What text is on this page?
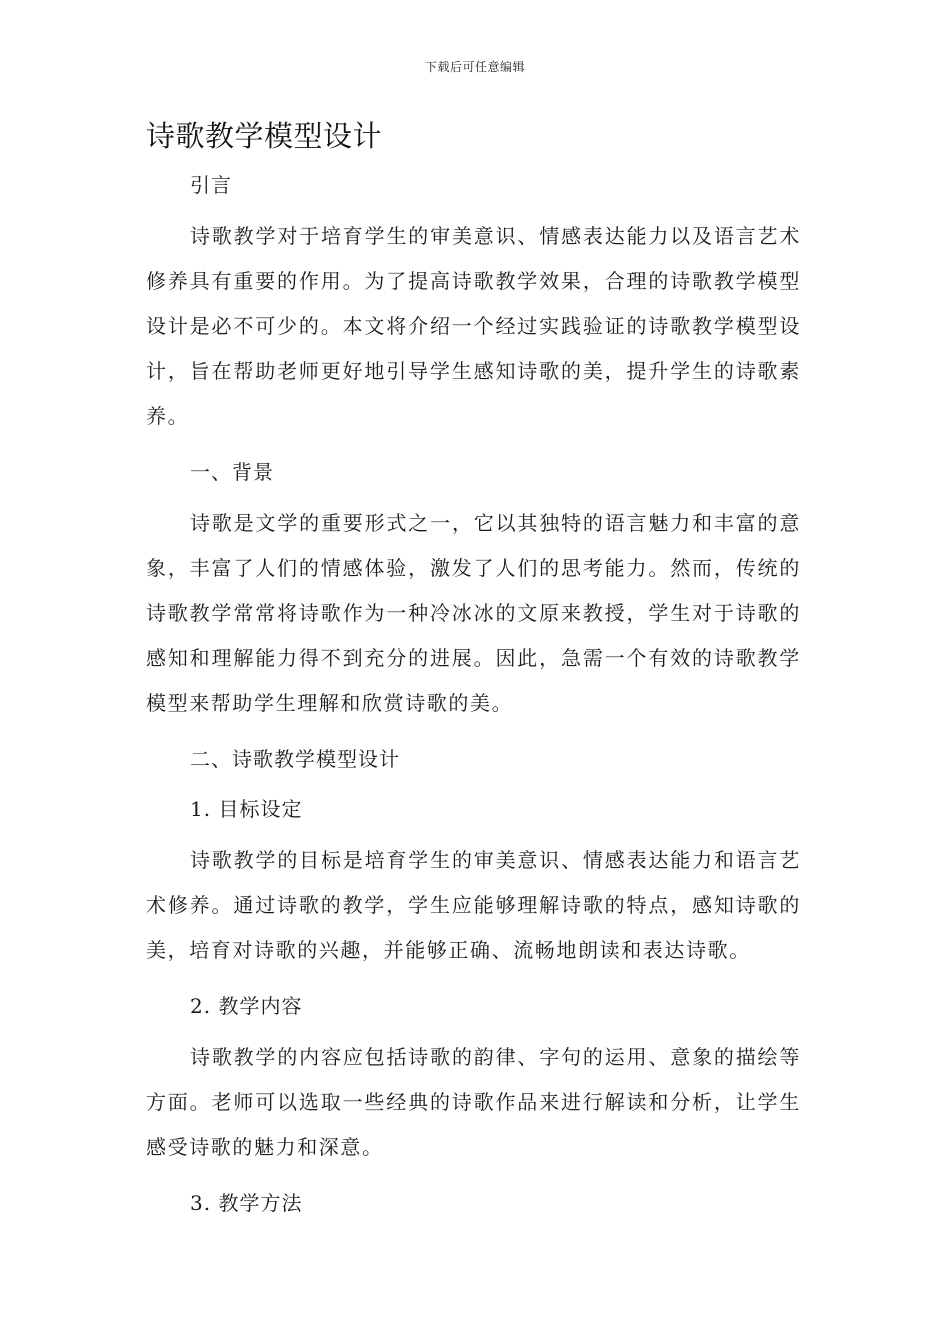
下载后可任意编辑
诗歌教学模型设计
引言

诗歌教学对于培育学生的审美意识、情感表达能力以及语言艺术修养具有重要的作用。为了提高诗歌教学效果，合理的诗歌教学模型设计是必不可少的。本文将介绍一个经过实践验证的诗歌教学模型设计，旨在帮助老师更好地引导学生感知诗歌的美，提升学生的诗歌素养。

一、背景

诗歌是文学的重要形式之一，它以其独特的语言魅力和丰富的意象，丰富了人们的情感体验，激发了人们的思考能力。然而，传统的诗歌教学常常将诗歌作为一种冷冰冰的文原来教授，学生对于诗歌的感知和理解能力得不到充分的进展。因此，急需一个有效的诗歌教学模型来帮助学生理解和欣赏诗歌的美。

二、诗歌教学模型设计
1. 目标设定

诗歌教学的目标是培育学生的审美意识、情感表达能力和语言艺术修养。通过诗歌的教学，学生应能够理解诗歌的特点，感知诗歌的美，培育对诗歌的兴趣，并能够正确、流畅地朗读和表达诗歌。

2. 教学内容

诗歌教学的内容应包括诗歌的韵律、字句的运用、意象的描绘等方面。老师可以选取一些经典的诗歌作品来进行解读和分析，让学生感受诗歌的魅力和深意。

3. 教学方法
